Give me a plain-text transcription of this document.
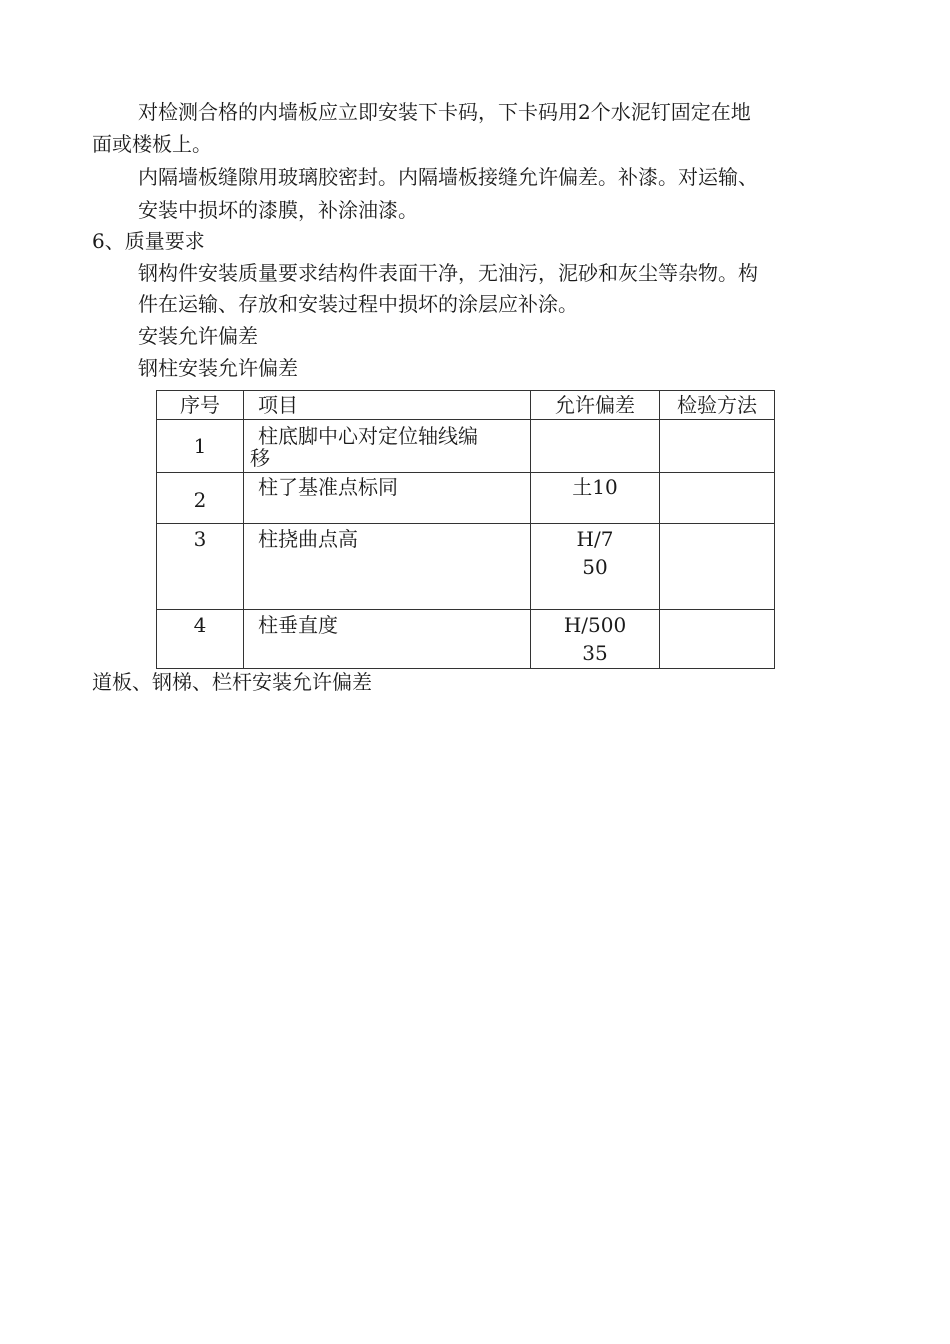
对检测合格的内墙板应立即安装下卡码，下卡码用2个水泥钉固定在地
面或楼板上。
内隔墙板缝隙用玻璃胶密封。内隔墙板接缝允许偏差。补漆。对运输、
安装中损坏的漆膜，补涂油漆。
6、质量要求
钢构件安装质量要求结构件表面干净，无油污，泥砂和灰尘等杂物。构
件在运输、存放和安装过程中损坏的涂层应补涂。
安装允许偏差
钢柱安装允许偏差
序号	项目	允许偏差	检验方法
1	柱底脚中心对定位轴线编
移		

2	柱了基准点标同	土10	

3	柱挠曲点高	H/7
50	

4	柱垂直度	H/500
35	

道板、钢梯、栏杆安装允许偏差
